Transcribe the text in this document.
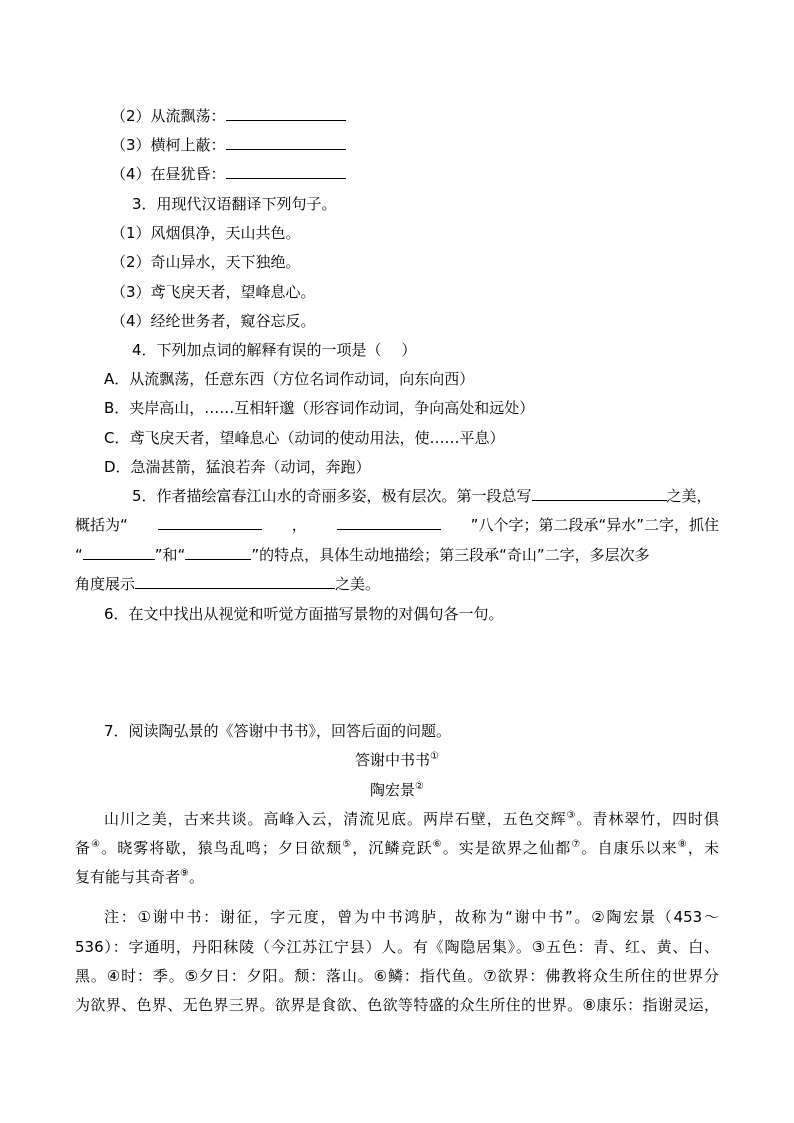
（2）从流飘荡：
（3）横柯上蔽：
（4）在昼犹昏：
3．用现代汉语翻译下列句子。
（1）风烟俱净，天山共色。
（2）奇山异水，天下独绝。
（3）鸢飞戾天者，望峰息心。
（4）经纶世务者，窥谷忘反。
4．下列加点词的解释有误的一项是（　 ）
A．从流飘荡，任意东西（方位名词作动词，向东向西）
B．夹岸高山，……互相轩邈（形容词作动词，争向高处和远处）
C．鸢飞戾天者，望峰息心（动词的使动用法，使……平息）
D．急湍甚箭，猛浪若奔（动词，奔跑）
5．作者描绘富春江山水的奇丽多姿，极有层次。第一段总写	之美，
概括为“	，	”八个字；第二段承“异水”二字，抓住
“	”和“	”的特点，具体生动地描绘；第三段承“奇山”二字，多层次多
角度展示	之美。
6．在文中找出从视觉和听觉方面描写景物的对偶句各一句。
7．阅读陶弘景的《答谢中书书》，回答后面的问题。
答谢中书书①
陶宏景②
山川之美，古来共谈。高峰入云，清流见底。两岸石壁，五色交辉③。青林翠竹，四时俱
备④。晓雾将歇，猿鸟乱鸣；夕日欲颓⑤，沉鳞竞跃⑥。实是欲界之仙都⑦。自康乐以来⑧，未
复有能与其奇者⑨。
注：①谢中书：谢征，字元度，曾为中书鸿胪，故称为“谢中书”。②陶宏景（453～
536）：字通明，丹阳秣陵（今江苏江宁县）人。有《陶隐居集》。③五色：青、红、黄、白、
黑。④时：季。⑤夕日：夕阳。颓：落山。⑥鳞：指代鱼。⑦欲界：佛教将众生所住的世界分
为欲界、色界、无色界三界。欲界是食欲、色欲等特盛的众生所住的世界。⑧康乐：指谢灵运，
